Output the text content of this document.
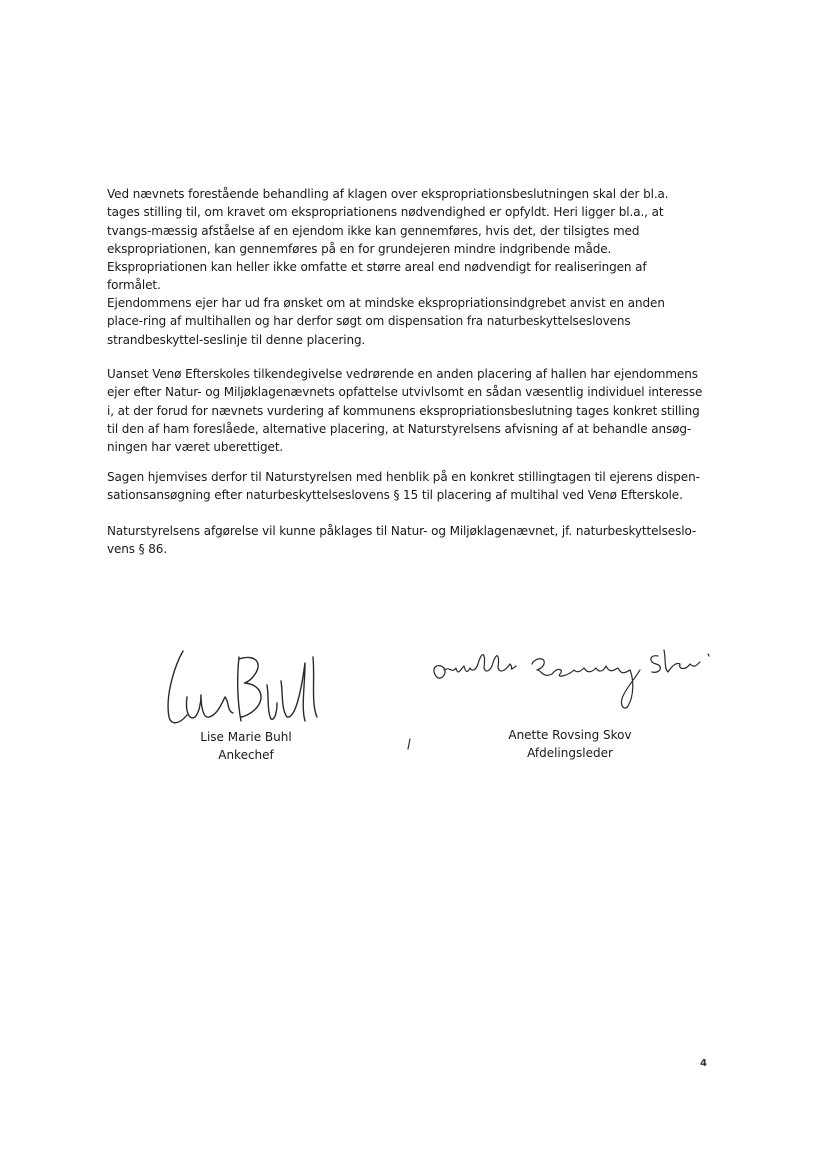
Ved nævnets forestående behandling af klagen over ekspropriationsbeslutningen skal der bl.a. tages stilling til, om kravet om ekspropriationens nødvendighed er opfyldt. Heri ligger bl.a., at tvangs-mæssig afståelse af en ejendom ikke kan gennemføres, hvis det, der tilsigtes med ekspropriationen, kan gennemføres på en for grundejeren mindre indgribende måde. Ekspropriationen kan heller ikke omfatte et større areal end nødvendigt for realiseringen af formålet.

Ejendommens ejer har ud fra ønsket om at mindske ekspropriationsindgrebet anvist en anden place-ring af multihallen og har derfor søgt om dispensation fra naturbeskyttelseslovens strandbeskyttel-seslinje til denne placering.

Uanset Venø Efterskoles tilkendegivelse vedrørende en anden placering af hallen har ejendommens ejer efter Natur- og Miljøklagenævnets opfattelse utvivlsomt en sådan væsentlig individuel interesse i, at der forud for nævnets vurdering af kommunens ekspropriationsbeslutning tages konkret stilling til den af ham foreslåede, alternative placering, at Naturstyrelsens afvisning af at behandle ansøg-ningen har været uberettiget.

Sagen hjemvises derfor til Naturstyrelsen med henblik på en konkret stillingtagen til ejerens dispen-sationsansøgning efter naturbeskyttelseslovens § 15 til placering af multihal ved Venø Efterskole.

Naturstyrelsens afgørelse vil kunne påklages til Natur- og Miljøklagenævnet, jf. naturbeskyttelseslo-vens § 86.

Lise Marie Buhl
Ankechef
Anette Rovsing Skov
Afdelingsleder
4
